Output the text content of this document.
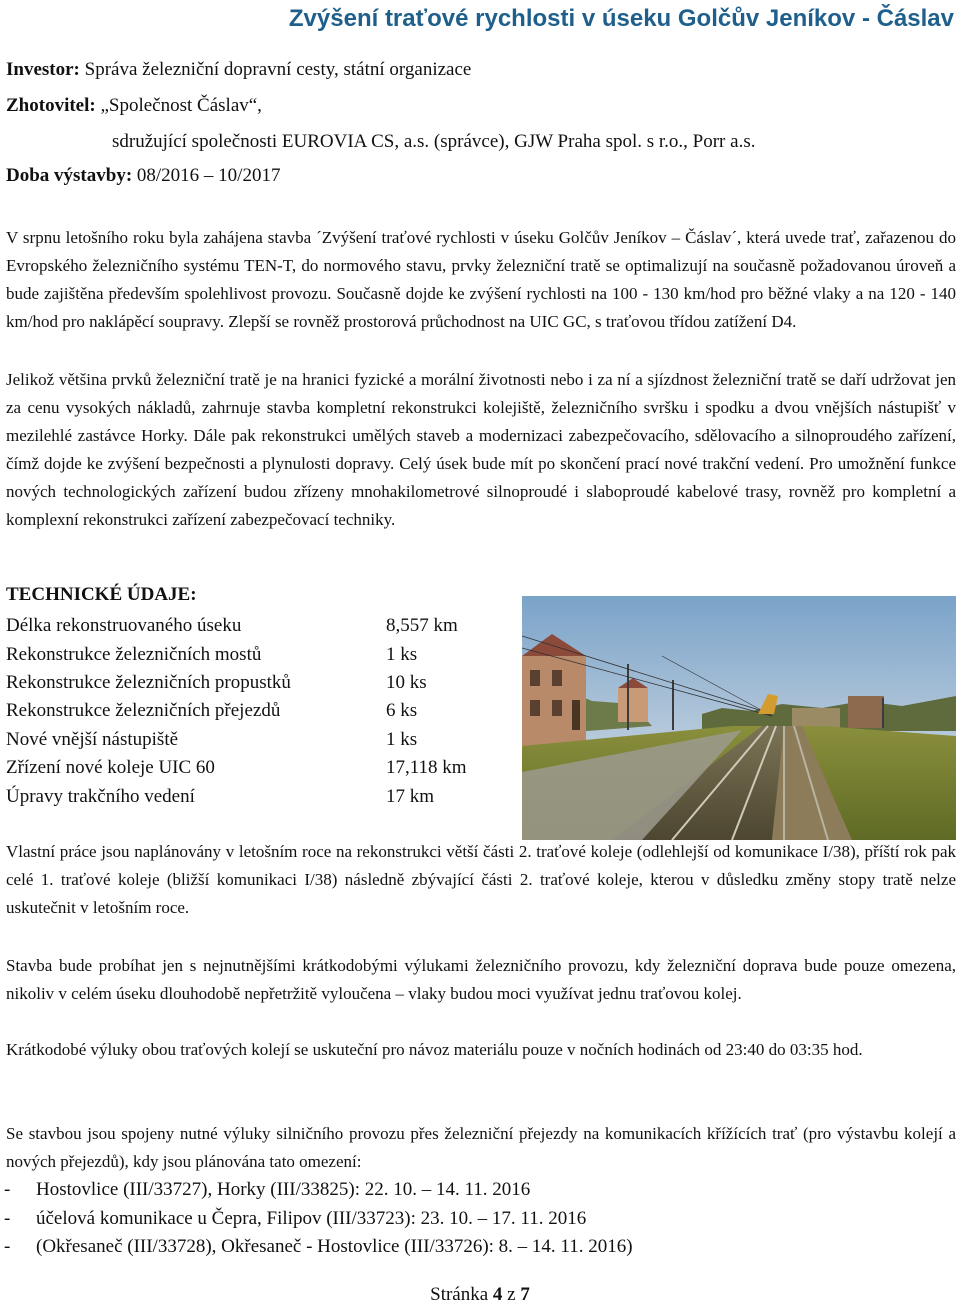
Zvýšení traťové rychlosti v úseku Golčův Jeníkov - Čáslav
Investor: Správa železniční dopravní cesty, státní organizace
Zhotovitel: „Společnost Čáslav“,
sdružující společnosti EUROVIA CS, a.s. (správce), GJW Praha spol. s r.o., Porr a.s.
Doba výstavby: 08/2016 – 10/2017

V srpnu letošního roku byla zahájena stavba ´Zvýšení traťové rychlosti v úseku Golčův Jeníkov – Čáslav´, která uvede trať, zařazenou do Evropského železničního systému TEN-T, do normového stavu, prvky železniční tratě se optimalizují na současně požadovanou úroveň a bude zajištěna především spolehlivost provozu. Současně dojde ke zvýšení rychlosti na 100 - 130 km/hod pro běžné vlaky a na 120 - 140 km/hod pro naklápěcí soupravy. Zlepší se rovněž prostorová průchodnost na UIC GC, s traťovou třídou zatížení D4.

Jelikož většina prvků železniční tratě je na hranici fyzické a morální životnosti nebo i za ní a sjízdnost železniční tratě se daří udržovat jen za cenu vysokých nákladů, zahrnuje stavba kompletní rekonstrukci kolejiště, železničního svršku i spodku a dvou vnějších nástupišť v mezilehlé zastávce Horky. Dále pak rekonstrukci umělých staveb a modernizaci zabezpečovacího, sdělovacího a silnoproudého zařízení, čímž dojde ke zvýšení bezpečnosti a plynulosti dopravy. Celý úsek bude mít po skončení prací nové trakční vedení. Pro umožnění funkce nových technologických zařízení budou zřízeny mnohakilometrové silnoproudé i slaboproudé kabelové trasy, rovněž pro kompletní a komplexní rekonstrukci zařízení zabezpečovací techniky.

TECHNICKÉ ÚDAJE:
Délka rekonstruovaného úseku	8,557 km
Rekonstrukce železničních mostů	1 ks
Rekonstrukce železničních propustků	10 ks
Rekonstrukce železničních přejezdů	6 ks
Nové vnější nástupiště	1 ks
Zřízení nové koleje UIC 60	17,118 km
Úpravy trakčního vedení	17 km

Vlastní práce jsou naplánovány v letošním roce na rekonstrukci větší části 2. traťové koleje (odlehlejší od komunikace I/38), příští rok pak celé 1. traťové koleje (bližší komunikaci I/38) následně zbývající části 2. traťové koleje, kterou v důsledku změny stopy tratě nelze uskutečnit v letošním roce.

Stavba bude probíhat jen s nejnutnějšími krátkodobými výlukami železničního provozu, kdy železniční doprava bude pouze omezena, nikoliv v celém úseku dlouhodobě nepřetržitě vyloučena – vlaky budou moci využívat jednu traťovou kolej.

Krátkodobé výluky obou traťových kolejí se uskuteční pro návoz materiálu pouze v nočních hodinách od 23:40 do 03:35 hod.

Se stavbou jsou spojeny nutné výluky silničního provozu přes železniční přejezdy na komunikacích křížících trať (pro výstavbu kolejí a nových přejezdů), kdy jsou plánována tato omezení:

- Hostovlice (III/33727), Horky (III/33825): 22. 10. – 14. 11. 2016
- účelová komunikace u Čepra, Filipov (III/33723): 23. 10. – 17. 11. 2016
- (Okřesaneč (III/33728), Okřesaneč - Hostovlice (III/33726): 8. – 14. 11. 2016)
Stránka 4 z 7
